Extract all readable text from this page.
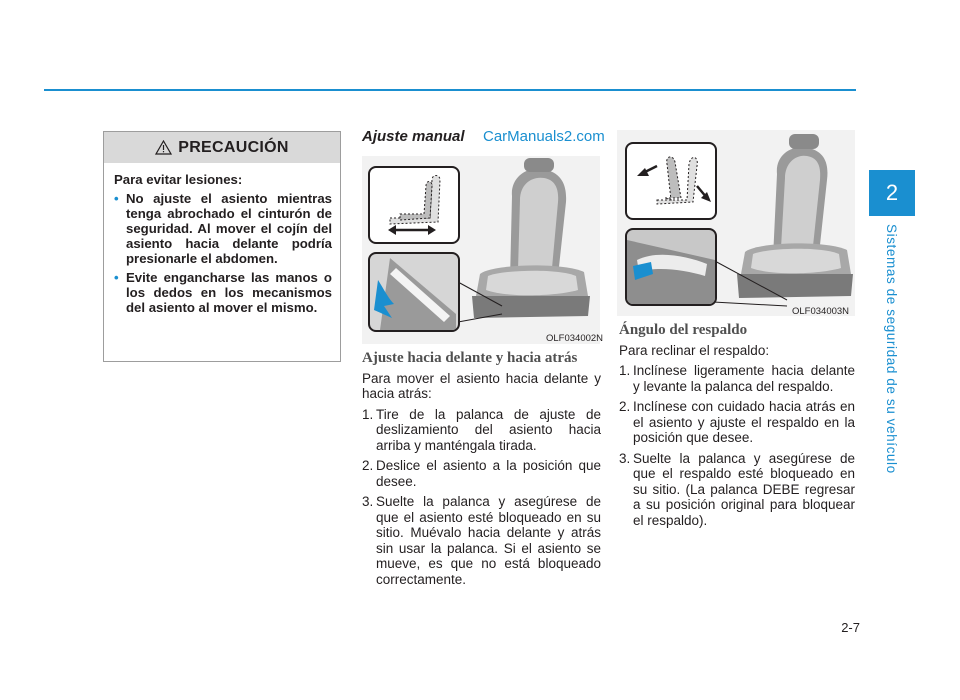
2
Sistemas de seguridad de su vehículo
PRECAUCIÓN

Para evitar lesiones:

• No ajuste el asiento mientras tenga abrochado el cinturón de seguridad. Al mover el cojín del asiento hacia delante podría presionarle el abdomen.
• Evite engancharse las manos o los dedos en los mecanismos del asiento al mover el mismo.
Ajuste manual CarManuals2.com
OLF034002N

Ajuste hacia delante y hacia atrás

Para mover el asiento hacia delante y hacia atrás:

1. Tire de la palanca de ajuste de deslizamiento del asiento hacia arriba y manténgala tirada.
2. Deslice el asiento a la posición que desee.
3. Suelte la palanca y asegúrese de que el asiento esté bloqueado en su sitio. Muévalo hacia delante y atrás sin usar la palanca. Si el asiento se mueve, es que no está bloqueado correctamente.
OLF034003N

Ángulo del respaldo

Para reclinar el respaldo:

1. Inclínese ligeramente hacia delante y levante la palanca del respaldo.
2. Inclínese con cuidado hacia atrás en el asiento y ajuste el respaldo en la posición que desee.
3. Suelte la palanca y asegúrese de que el respaldo esté bloqueado en su sitio. (La palanca DEBE regresar a su posición original para bloquear el respaldo).
2-7
